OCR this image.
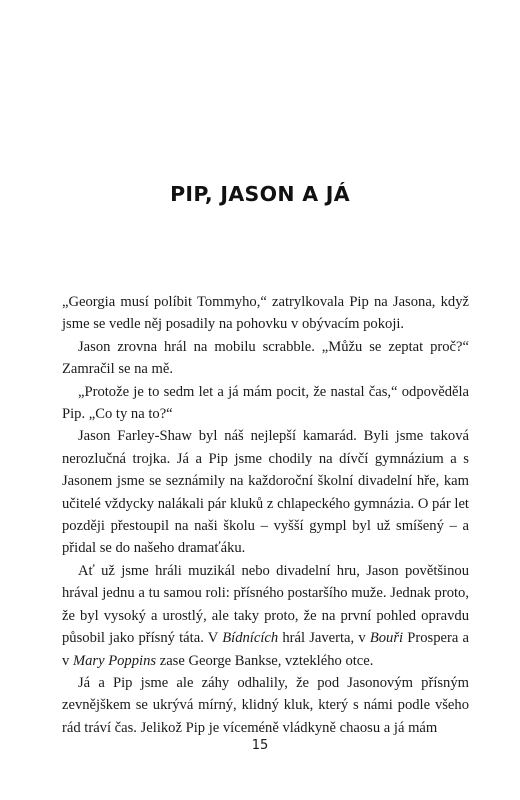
PIP, JASON A JÁ

„Georgia musí políbit Tommyho,“ zatrylkovala Pip na Jasona, když jsme se vedle něj posadily na pohovku v obývacím pokoji.

Jason zrovna hrál na mobilu scrabble. „Můžu se zeptat proč?“ Zamračil se na mě.

„Protože je to sedm let a já mám pocit, že nastal čas,“ odpověděla Pip. „Co ty na to?“

Jason Farley-Shaw byl náš nejlepší kamarád. Byli jsme taková nerozlučná trojka. Já a Pip jsme chodily na dívčí gymnázium a s Jasonem jsme se seznámily na každoroční školní divadelní hře, kam učitelé vždycky nalákali pár kluků z chlapeckého gymnázia. O pár let později přestoupil na naši školu – vyšší gympl byl už smíšený – a přidal se do našeho dramaťáku.

Ať už jsme hráli muzikál nebo divadelní hru, Jason povětšinou hrával jednu a tu samou roli: přísného postaršího muže. Jednak proto, že byl vysoký a urostlý, ale taky proto, že na první pohled opravdu působil jako přísný táta. V Bídnících hrál Javerta, v Bouři Prospera a v Mary Poppins zase George Bankse, vzteklého otce.

Já a Pip jsme ale záhy odhalily, že pod Jasonovým přísným zevnějškem se ukrývá mírný, klidný kluk, který s námi podle všeho rád tráví čas. Jelikož Pip je víceméně vládkyně chaosu a já mám

15
